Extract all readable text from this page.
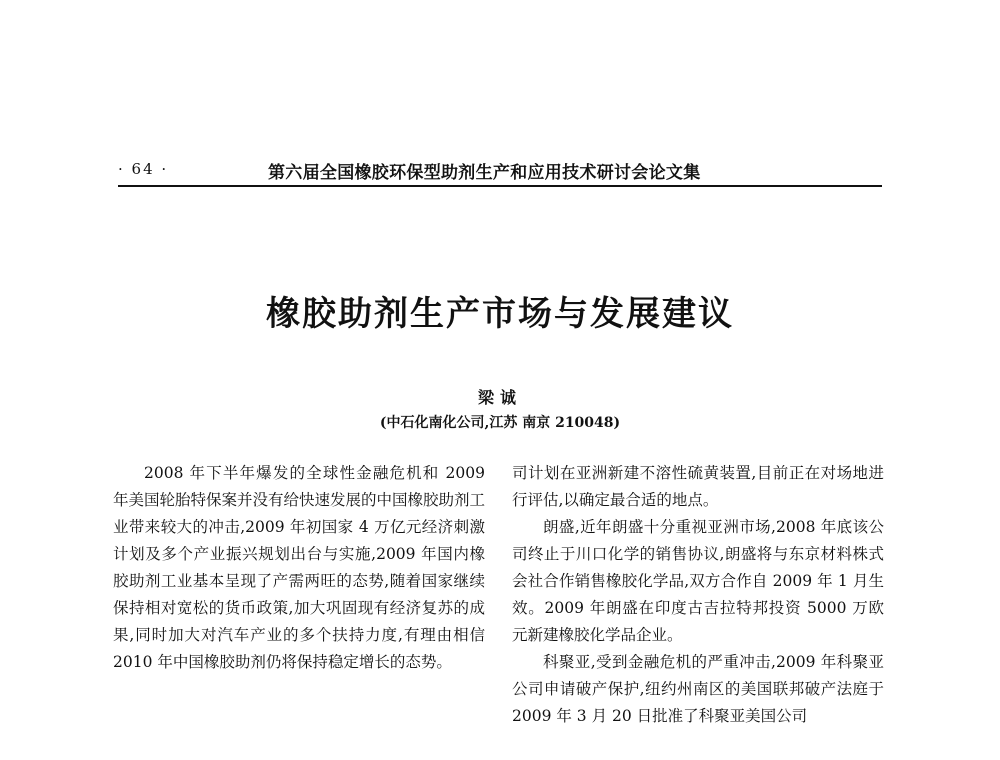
· 64 ·	第六届全国橡胶环保型助剂生产和应用技术研讨会论文集
橡胶助剂生产市场与发展建议
梁诚
(中石化南化公司,江苏 南京 210048)

2008 年下半年爆发的全球性金融危机和 2009 年美国轮胎特保案并没有给快速发展的中国橡胶助剂工业带来较大的冲击,2009 年初国家 4 万亿元经济刺激计划及多个产业振兴规划出台与实施,2009 年国内橡胶助剂工业基本呈现了产需两旺的态势,随着国家继续保持相对宽松的货币政策,加大巩固现有经济复苏的成果,同时加大对汽车产业的多个扶持力度,有理由相信 2010 年中国橡胶助剂仍将保持稳定增长的态势。

司计划在亚洲新建不溶性硫黄装置,目前正在对场地进行评估,以确定最合适的地点。

朗盛,近年朗盛十分重视亚洲市场,2008 年底该公司终止于川口化学的销售协议,朗盛将与东京材料株式会社合作销售橡胶化学品,双方合作自 2009 年 1 月生效。2009 年朗盛在印度古吉拉特邦投资 5000 万欧元新建橡胶化学品企业。

科聚亚,受到金融危机的严重冲击,2009 年科聚亚公司申请破产保护,纽约州南区的美国联邦破产法庭于 2009 年 3 月 20 日批准了科聚亚美国公司
